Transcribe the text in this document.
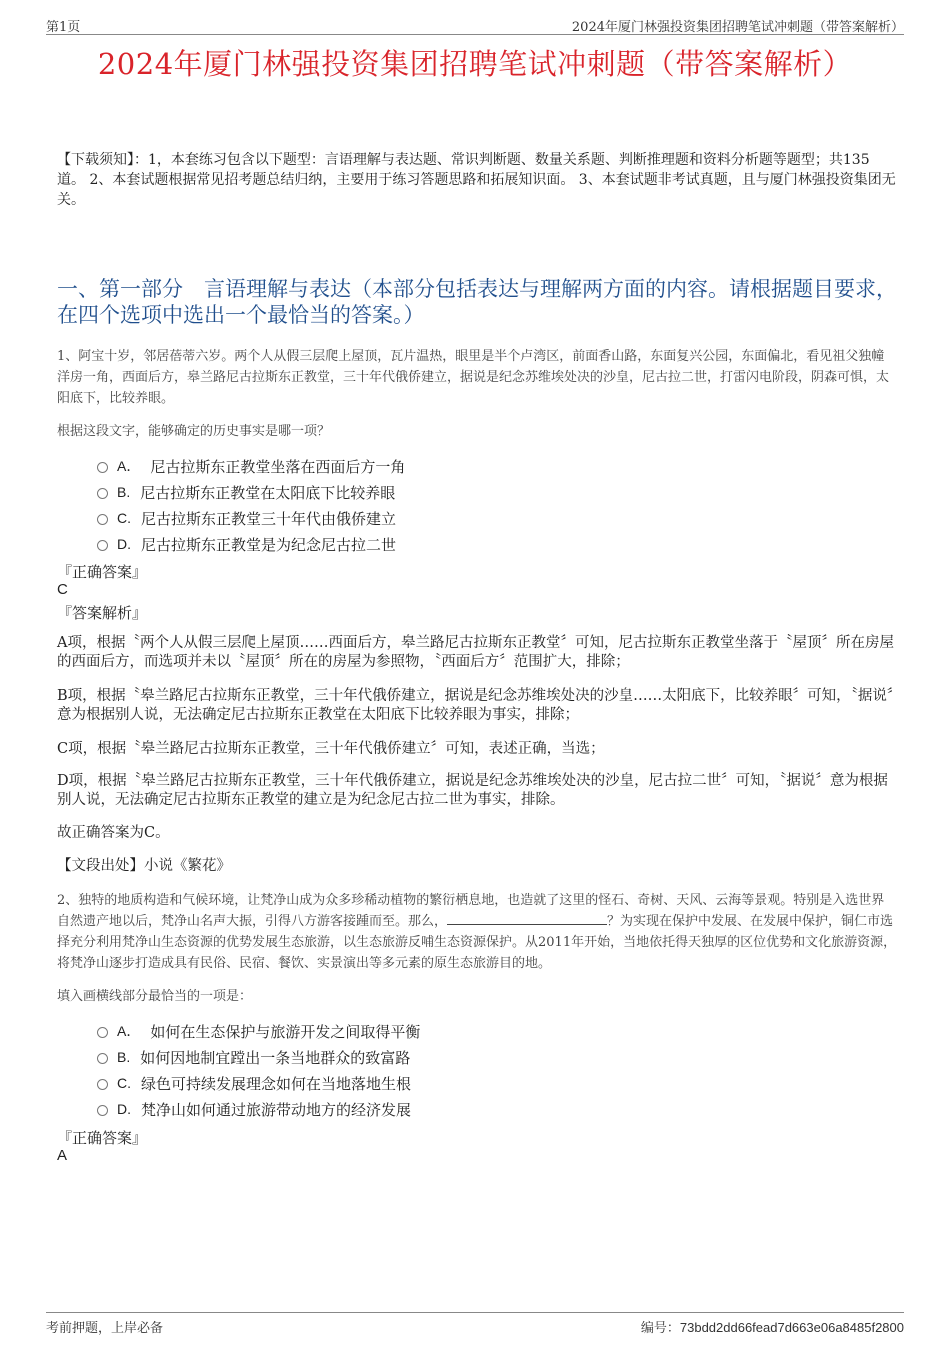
第1页	2024年厦门林强投资集团招聘笔试冲刺题（带答案解析）
2024年厦门林强投资集团招聘笔试冲刺题（带答案解析）
【下载须知】：1，本套练习包含以下题型：言语理解与表达题、常识判断题、数量关系题、判断推理题和资料分析题等题型；共135道。 2、本套试题根据常见招考题总结归纳，主要用于练习答题思路和拓展知识面。 3、本套试题非考试真题，且与厦门林强投资集团无关。
一、第一部分　言语理解与表达（本部分包括表达与理解两方面的内容。请根据题目要求，在四个选项中选出一个最恰当的答案。）
1、阿宝十岁，邻居蓓蒂六岁。两个人从假三层爬上屋顶，瓦片温热，眼里是半个卢湾区，前面香山路，东面复兴公园，东面偏北，看见祖父独幢洋房一角，西面后方，皋兰路尼古拉斯东正教堂，三十年代俄侨建立，据说是纪念苏维埃处决的沙皇，尼古拉二世，打雷闪电阶段，阴森可惧，太阳底下，比较养眼。
根据这段文字，能够确定的历史事实是哪一项？
A． 尼古拉斯东正教堂坐落在西面后方一角
B. 尼古拉斯东正教堂在太阳底下比较养眼
C. 尼古拉斯东正教堂三十年代由俄侨建立
D. 尼古拉斯东正教堂是为纪念尼古拉二世
『正确答案』
C
『答案解析』
A项，根据〝两个人从假三层爬上屋顶……西面后方，皋兰路尼古拉斯东正教堂〞可知，尼古拉斯东正教堂坐落于〝屋顶〞所在房屋的西面后方，而选项并未以〝屋顶〞所在的房屋为参照物，〝西面后方〞范围扩大，排除；
B项，根据〝皋兰路尼古拉斯东正教堂，三十年代俄侨建立，据说是纪念苏维埃处决的沙皇……太阳底下，比较养眼〞可知，〝据说〞意为根据别人说，无法确定尼古拉斯东正教堂在太阳底下比较养眼为事实，排除；
C项，根据〝皋兰路尼古拉斯东正教堂，三十年代俄侨建立〞可知，表述正确，当选；
D项，根据〝皋兰路尼古拉斯东正教堂，三十年代俄侨建立，据说是纪念苏维埃处决的沙皇，尼古拉二世〞可知，〝据说〞意为根据别人说，无法确定尼古拉斯东正教堂的建立是为纪念尼古拉二世为事实，排除。
故正确答案为C。
【文段出处】小说《繁花》
2、独特的地质构造和气候环境，让梵净山成为众多珍稀动植物的繁衍栖息地，也造就了这里的怪石、奇树、天风、云海等景观。特别是入选世界自然遗产地以后，梵净山名声大振，引得八方游客接踵而至。那么，	？为实现在保护中发展、在发展中保护，铜仁市选择充分利用梵净山生态资源的优势发展生态旅游，以生态旅游反哺生态资源保护。从2011年开始，当地依托得天独厚的区位优势和文化旅游资源，将梵净山逐步打造成具有民俗、民宿、餐饮、实景演出等多元素的原生态旅游目的地。
填入画横线部分最恰当的一项是：
A． 如何在生态保护与旅游开发之间取得平衡
B. 如何因地制宜蹚出一条当地群众的致富路
C. 绿色可持续发展理念如何在当地落地生根
D. 梵净山如何通过旅游带动地方的经济发展
『正确答案』
A
考前押题，上岸必备	编号：73bdd2dd66fead7d663e06a8485f2800
